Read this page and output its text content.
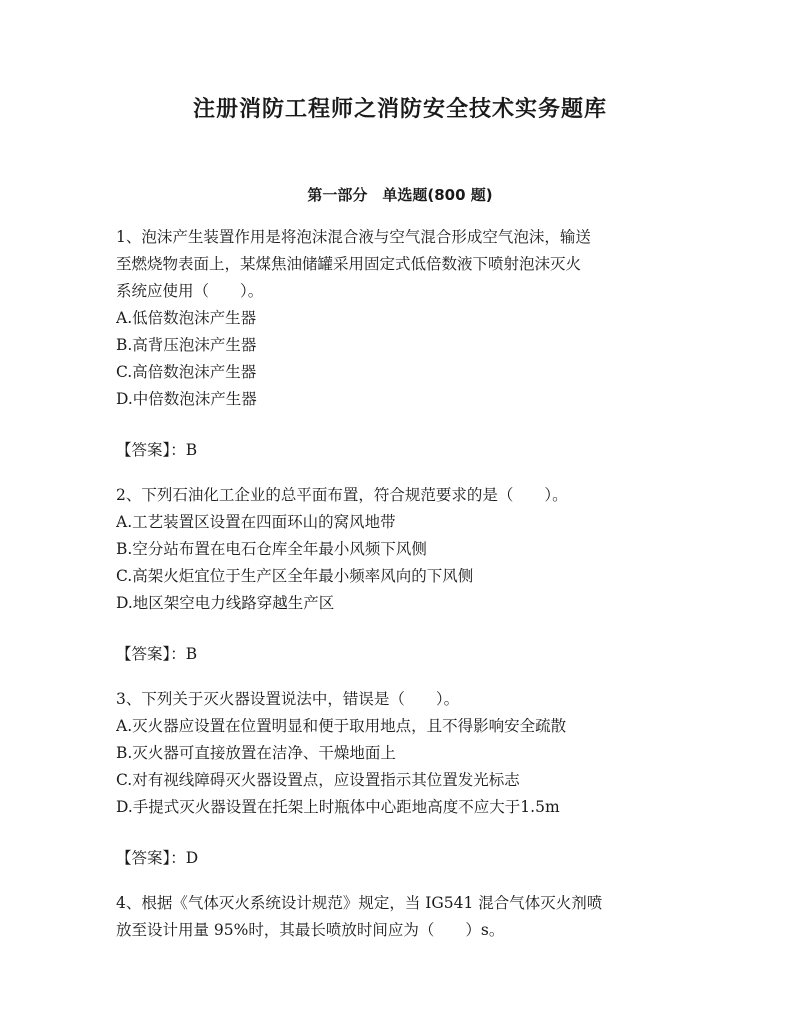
注册消防工程师之消防安全技术实务题库
第一部分　单选题(800 题)
1、泡沫产生装置作用是将泡沫混合液与空气混合形成空气泡沫，输送
至燃烧物表面上，某煤焦油储罐采用固定式低倍数液下喷射泡沫灭火
系统应使用（　　）。
A.低倍数泡沫产生器
B.高背压泡沫产生器
C.高倍数泡沫产生器
D.中倍数泡沫产生器
【答案】：B
2、下列石油化工企业的总平面布置，符合规范要求的是（　　）。
A.工艺装置区设置在四面环山的窝风地带
B.空分站布置在电石仓库全年最小风频下风侧
C.高架火炬宜位于生产区全年最小频率风向的下风侧
D.地区架空电力线路穿越生产区
【答案】：B
3、下列关于灭火器设置说法中，错误是（　　）。
A.灭火器应设置在位置明显和便于取用地点，且不得影响安全疏散
B.灭火器可直接放置在洁净、干燥地面上
C.对有视线障碍灭火器设置点，应设置指示其位置发光标志
D.手提式灭火器设置在托架上时瓶体中心距地高度不应大于1.5m
【答案】：D
4、根据《气体灭火系统设计规范》规定，当 IG541 混合气体灭火剂喷
放至设计用量 95%时，其最长喷放时间应为（　　）s。
